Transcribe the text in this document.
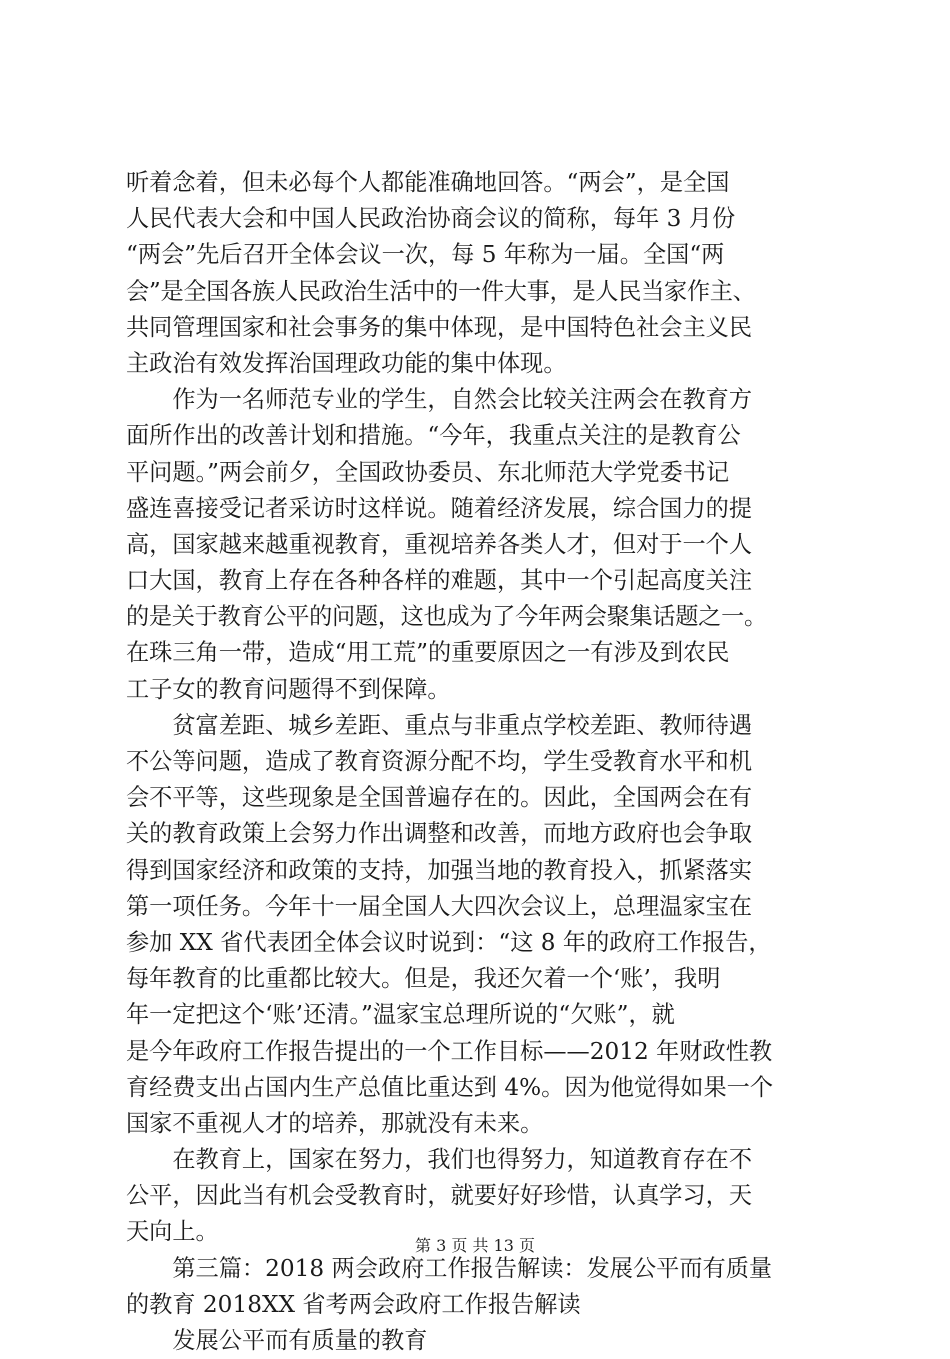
听着念着，但未必每个人都能准确地回答。“两会”，是全国
人民代表大会和中国人民政治协商会议的简称，每年 3 月份
“两会”先后召开全体会议一次，每 5 年称为一届。全国“两
会”是全国各族人民政治生活中的一件大事，是人民当家作主、
共同管理国家和社会事务的集中体现，是中国特色社会主义民
主政治有效发挥治国理政功能的集中体现。
　　作为一名师范专业的学生，自然会比较关注两会在教育方
面所作出的改善计划和措施。“今年，我重点关注的是教育公
平问题。”两会前夕，全国政协委员、东北师范大学党委书记
盛连喜接受记者采访时这样说。随着经济发展，综合国力的提
高，国家越来越重视教育，重视培养各类人才，但对于一个人
口大国，教育上存在各种各样的难题，其中一个引起高度关注
的是关于教育公平的问题，这也成为了今年两会聚集话题之一。
在珠三角一带，造成“用工荒”的重要原因之一有涉及到农民
工子女的教育问题得不到保障。
　　贫富差距、城乡差距、重点与非重点学校差距、教师待遇
不公等问题，造成了教育资源分配不均，学生受教育水平和机
会不平等，这些现象是全国普遍存在的。因此，全国两会在有
关的教育政策上会努力作出调整和改善，而地方政府也会争取
得到国家经济和政策的支持，加强当地的教育投入，抓紧落实
第一项任务。今年十一届全国人大四次会议上，总理温家宝在
参加 XX 省代表团全体会议时说到：“这 8 年的政府工作报告，
每年教育的比重都比较大。但是，我还欠着一个‘账’，我明
年一定把这个‘账’还清。”温家宝总理所说的“欠账”，就
是今年政府工作报告提出的一个工作目标——2012 年财政性教
育经费支出占国内生产总值比重达到 4%。因为他觉得如果一个
国家不重视人才的培养，那就没有未来。
　　在教育上，国家在努力，我们也得努力，知道教育存在不
公平，因此当有机会受教育时，就要好好珍惜，认真学习，天
天向上。
　　第三篇：2018 两会政府工作报告解读：发展公平而有质量
的教育 2018XX 省考两会政府工作报告解读
　　发展公平而有质量的教育
第 3 页 共 13 页
